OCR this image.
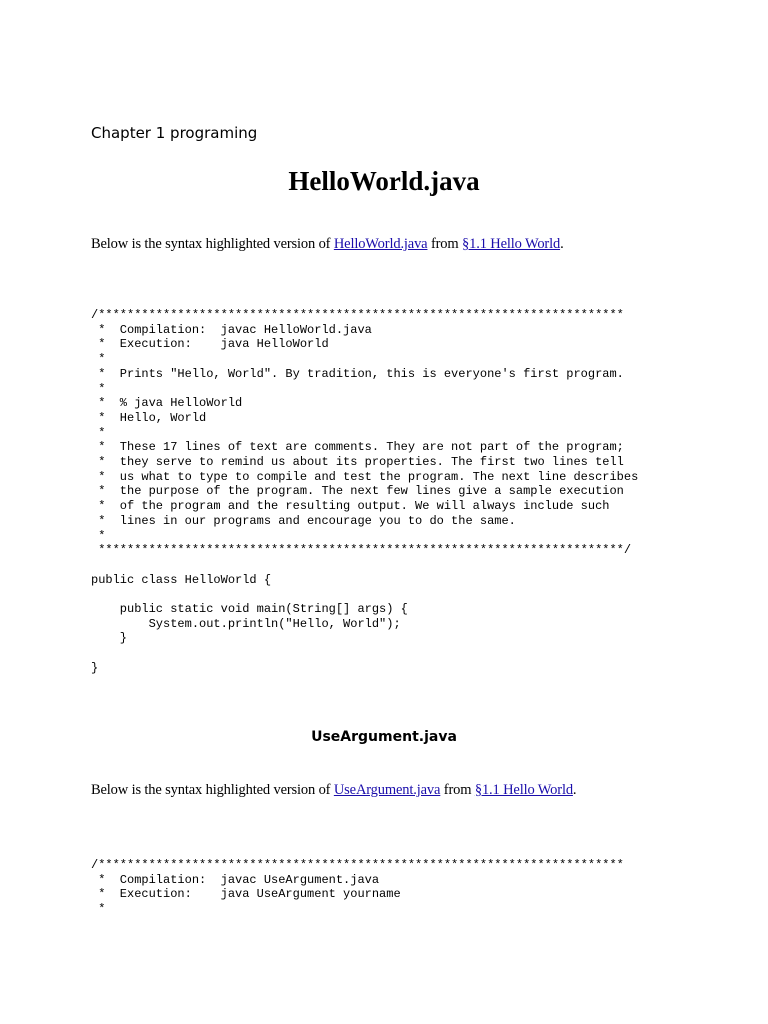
Chapter 1 programing

HelloWorld.java

Below is the syntax highlighted version of HelloWorld.java from §1.1 Hello World.

/*************************************************************************
*  Compilation:  javac HelloWorld.java
*  Execution:    java HelloWorld
*
*  Prints "Hello, World". By tradition, this is everyone's first program.
*
*  % java HelloWorld
*  Hello, World
*
*  These 17 lines of text are comments. They are not part of the program;
*  they serve to remind us about its properties. The first two lines tell
*  us what to type to compile and test the program. The next line describes
*  the purpose of the program. The next few lines give a sample execution
*  of the program and the resulting output. We will always include such
*  lines in our programs and encourage you to do the same.
*
*************************************************************************/

public class HelloWorld {

public static void main(String[] args) {
System.out.println("Hello, World");
}

}
UseArgument.java

Below is the syntax highlighted version of UseArgument.java from §1.1 Hello World.

/*************************************************************************
*  Compilation:  javac UseArgument.java
*  Execution:    java UseArgument yourname
*
